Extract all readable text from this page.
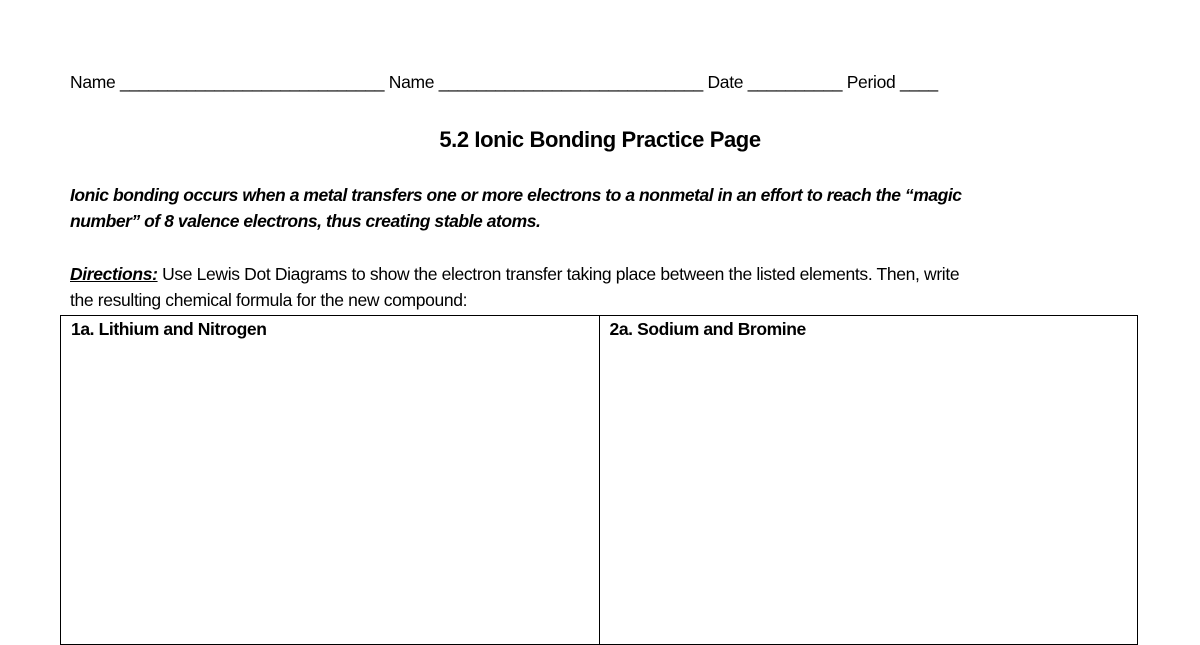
Name ____________________________ Name ____________________________ Date __________ Period ____
5.2 Ionic Bonding Practice Page
Ionic bonding occurs when a metal transfers one or more electrons to a nonmetal in an effort to reach the “magic
number” of 8 valence electrons, thus creating stable atoms.
Directions: Use Lewis Dot Diagrams to show the electron transfer taking place between the listed elements. Then, write
the resulting chemical formula for the new compound:
1a. Lithium and Nitrogen	2a. Sodium and Bromine
